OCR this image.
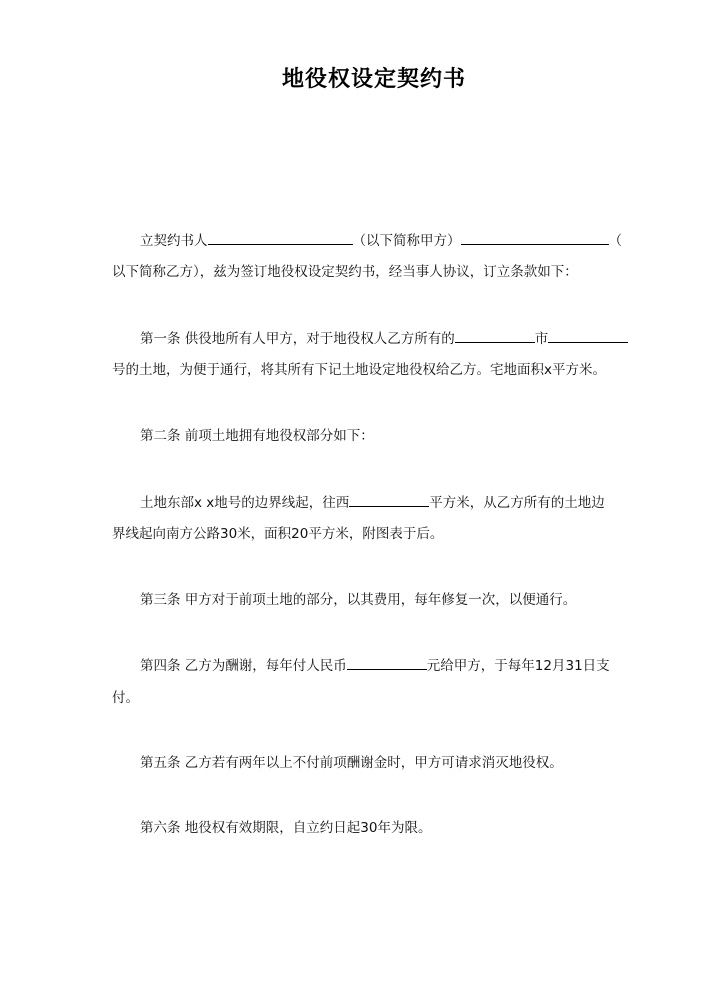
地役权设定契约书
立契约书人	（以下简称甲方）	（
以下简称乙方），兹为签订地役权设定契约书，经当事人协议，订立条款如下：
第一条 供役地所有人甲方，对于地役权人乙方所有的	市
号的土地，为便于通行，将其所有下记土地设定地役权给乙方。宅地面积x平方米。
第二条 前项土地拥有地役权部分如下：
土地东部x x地号的边界线起，往西	平方米，从乙方所有的土地边
界线起向南方公路30米，面积20平方米，附图表于后。
第三条 甲方对于前项土地的部分，以其费用，每年修复一次，以便通行。
第四条 乙方为酬谢，每年付人民币	元给甲方，于每年12月31日支
付。
第五条 乙方若有两年以上不付前项酬谢金时，甲方可请求消灭地役权。
第六条 地役权有效期限，自立约日起30年为限。
